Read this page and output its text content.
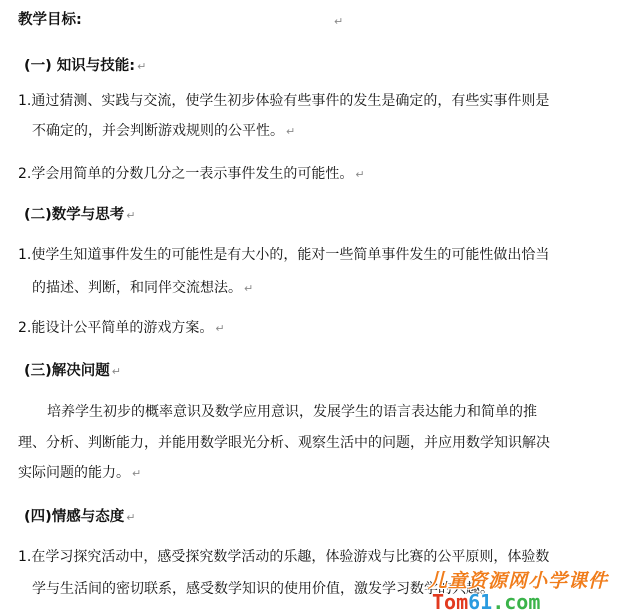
教学目标:	↵
(一) 知识与技能: ↵
1.通过猜测、实践与交流，使学生初步体验有些事件的发生是确定的，有些实事件则是
不确定的，并会判断游戏规则的公平性。 ↵
2.学会用简单的分数几分之一表示事件发生的可能性。 ↵
(二)数学与思考 ↵
1.使学生知道事件发生的可能性是有大小的，能对一些简单事件发生的可能性做出恰当
的描述、判断，和同伴交流想法。 ↵
2.能设计公平简单的游戏方案。 ↵
(三)解决问题 ↵
培养学生初步的概率意识及数学应用意识，发展学生的语言表达能力和简单的推
理、分析、判断能力，并能用数学眼光分析、观察生活中的问题，并应用数学知识解决
实际问题的能力。 ↵
(四)情感与态度 ↵
1.在学习探究活动中，感受探究数学活动的乐趣，体验游戏与比赛的公平原则，体验数
学与生活间的密切联系，感受数学知识的使用价值，激发学习数学的兴趣。
儿童资源网小学课件
Tom61.com
